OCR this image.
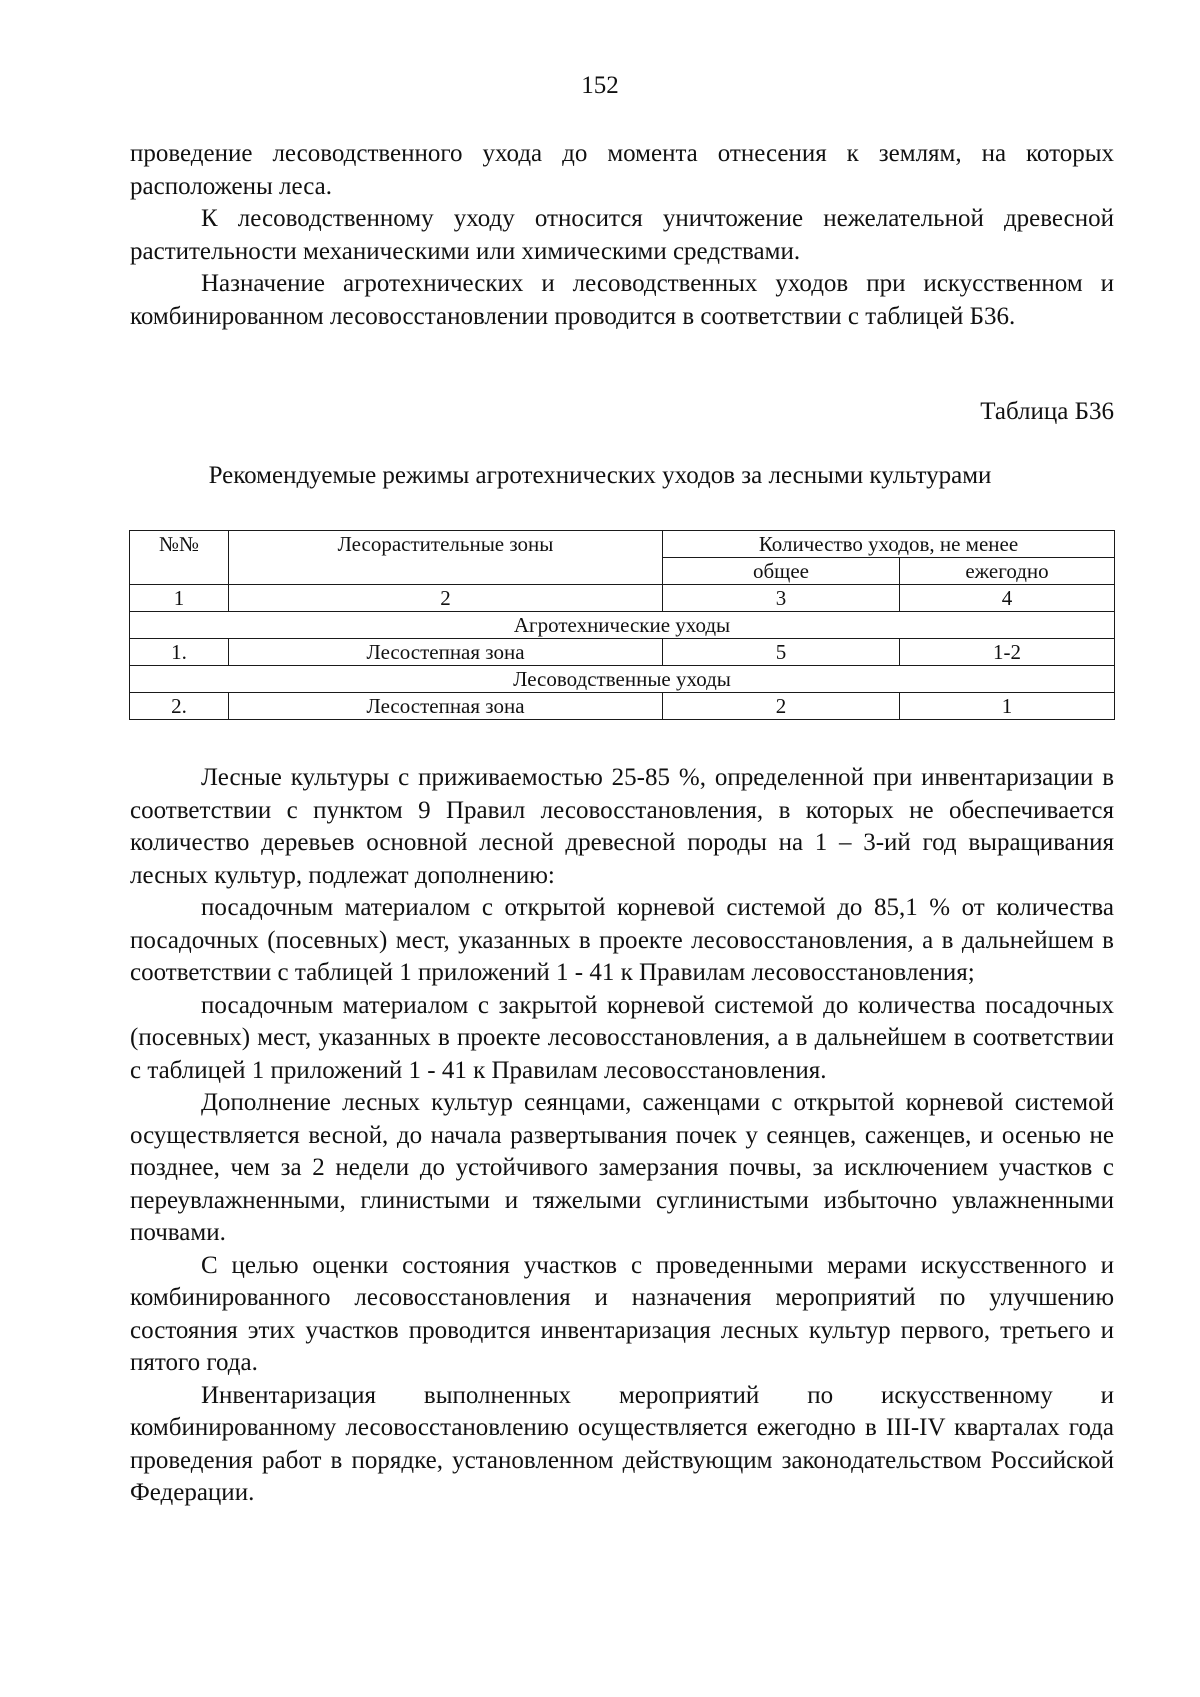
152

проведение лесоводственного ухода до момента отнесения к землям, на которых расположены леса.

К лесоводственному уходу относится уничтожение нежелательной древесной растительности механическими или химическими средствами.

Назначение агротехнических и лесоводственных уходов при искусственном и комбинированном лесовосстановлении проводится в соответствии с таблицей Б36.

Таблица Б36
Рекомендуемые режимы агротехнических уходов за лесными культурами
№№	Лесорастительные зоны	Количество уходов, не менее	
		общее	ежегодно
1	2	3	4
Агротехнические уходы			
1.	Лесостепная зона	5	1-2
Лесоводственные уходы			
2.	Лесостепная зона	2	1

Лесные культуры с приживаемостью 25-85 %, определенной при инвентаризации в соответствии с пунктом 9 Правил лесовосстановления, в которых не обеспечивается количество деревьев основной лесной древесной породы на 1 – 3-ий год выращивания лесных культур, подлежат дополнению:

посадочным материалом с открытой корневой системой до 85,1 % от количества посадочных (посевных) мест, указанных в проекте лесовосстановления, а в дальнейшем в соответствии с таблицей 1 приложений 1 - 41 к Правилам лесовосстановления;

посадочным материалом с закрытой корневой системой до количества посадочных (посевных) мест, указанных в проекте лесовосстановления, а в дальнейшем в соответствии с таблицей 1 приложений 1 - 41 к Правилам лесовосстановления.

Дополнение лесных культур сеянцами, саженцами с открытой корневой системой осуществляется весной, до начала развертывания почек у сеянцев, саженцев, и осенью не позднее, чем за 2 недели до устойчивого замерзания почвы, за исключением участков с переувлажненными, глинистыми и тяжелыми суглинистыми избыточно увлажненными почвами.

С целью оценки состояния участков с проведенными мерами искусственного и комбинированного лесовосстановления и назначения мероприятий по улучшению состояния этих участков проводится инвентаризация лесных культур первого, третьего и пятого года.

Инвентаризация выполненных мероприятий по искусственному и комбинированному лесовосстановлению осуществляется ежегодно в III-IV кварталах года проведения работ в порядке, установленном действующим законодательством Российской Федерации.
